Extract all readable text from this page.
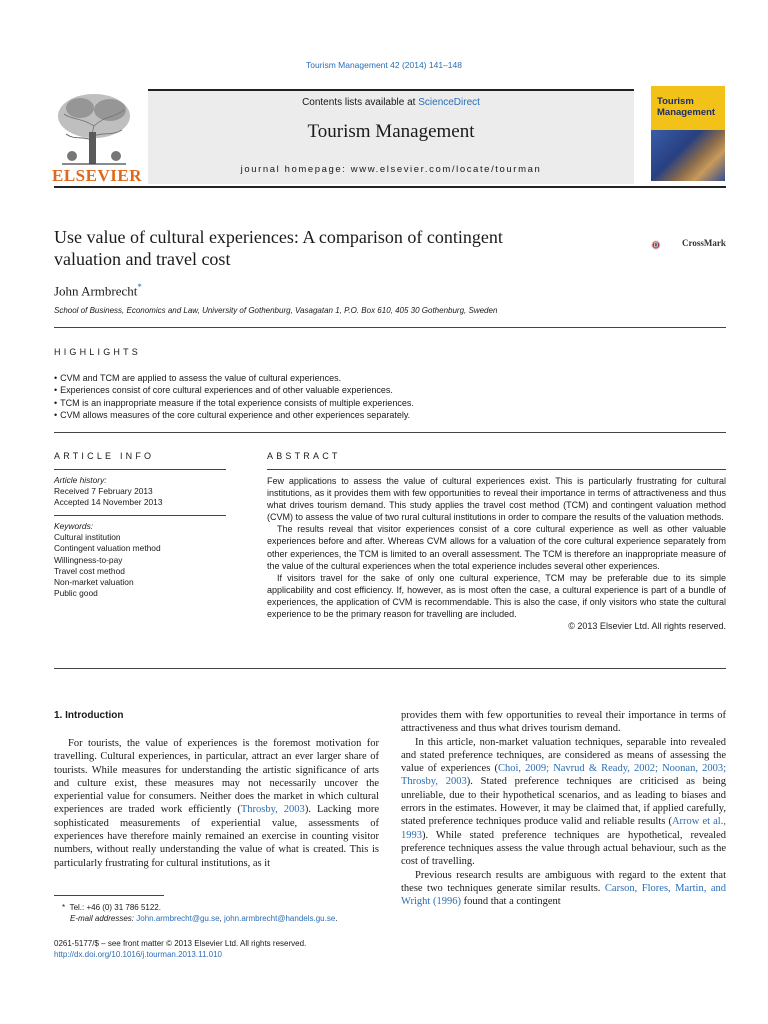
Tourism Management 42 (2014) 141–148
ELSEVIER
Contents lists available at ScienceDirect
Tourism Management
journal homepage: www.elsevier.com/locate/tourman
Tourism
Management
Use value of cultural experiences: A comparison of contingent
valuation and travel cost
CrossMark
John Armbrecht*
School of Business, Economics and Law, University of Gothenburg, Vasagatan 1, P.O. Box 610, 405 30 Gothenburg, Sweden
HIGHLIGHTS
• CVM and TCM are applied to assess the value of cultural experiences.
• Experiences consist of core cultural experiences and of other valuable experiences.
• TCM is an inappropriate measure if the total experience consists of multiple experiences.
• CVM allows measures of the core cultural experience and other experiences separately.
ARTICLE INFO
Article history:
Received 7 February 2013
Accepted 14 November 2013
Keywords:
Cultural institution
Contingent valuation method
Willingness-to-pay
Travel cost method
Non-market valuation
Public good
ABSTRACT

Few applications to assess the value of cultural experiences exist. This is particularly frustrating for cultural institutions, as it provides them with few opportunities to reveal their importance in terms of attractiveness and thus what drives tourism demand. This study applies the travel cost method (TCM) and contingent valuation method (CVM) to assess the value of two rural cultural institutions in order to compare the results of the valuation methods.

The results reveal that visitor experiences consist of a core cultural experience as well as other valuable experiences before and after. Whereas CVM allows for a valuation of the core cultural experience separately from other experiences, the TCM is limited to an overall assessment. The TCM is therefore an inappropriate measure of the value of the cultural experiences when the total experience includes several other experiences.

If visitors travel for the sake of only one cultural experience, TCM may be preferable due to its simple applicability and cost efficiency. If, however, as is most often the case, a cultural experience is part of a bundle of experiences, the application of CVM is recommendable. This is also the case, if only visitors who state the cultural experience to be the primary reason for travelling are included.

© 2013 Elsevier Ltd. All rights reserved.
1. Introduction

For tourists, the value of experiences is the foremost motivation for travelling. Cultural experiences, in particular, attract an ever larger share of tourists. While measures for understanding the artistic significance of arts and culture exist, these measures may not necessarily uncover the experiential value for consumers. Neither does the market in which cultural experiences are traded work efficiently (Throsby, 2003). Lacking more sophisticated measurements of experiential value, assessments of experiences have therefore mainly remained an exercise in counting visitor numbers, without really understanding the value of what is created. This is particularly frustrating for cultural institutions, as it

provides them with few opportunities to reveal their importance in terms of attractiveness and thus what drives tourism demand.

In this article, non-market valuation techniques, separable into revealed and stated preference techniques, are considered as means of assessing the value of experiences (Choi, 2009; Navrud & Ready, 2002; Noonan, 2003; Throsby, 2003). Stated preference techniques are criticised as being unreliable, due to their hypothetical scenarios, and as leading to biases and errors in the estimates. However, it may be claimed that, if applied carefully, stated preference techniques produce valid and reliable results (Arrow et al., 1993). While stated preference techniques are hypothetical, revealed preference techniques assess the value through actual behaviour, such as the cost of travelling.

Previous research results are ambiguous with regard to the extent that these two techniques generate similar results. Carson, Flores, Martin, and Wright (1996) found that a contingent

* Tel.: +46 (0) 31 786 5122.
E-mail addresses: John.armbrecht@gu.se, john.armbrecht@handels.gu.se.
0261-5177/$ – see front matter © 2013 Elsevier Ltd. All rights reserved.
http://dx.doi.org/10.1016/j.tourman.2013.11.010
